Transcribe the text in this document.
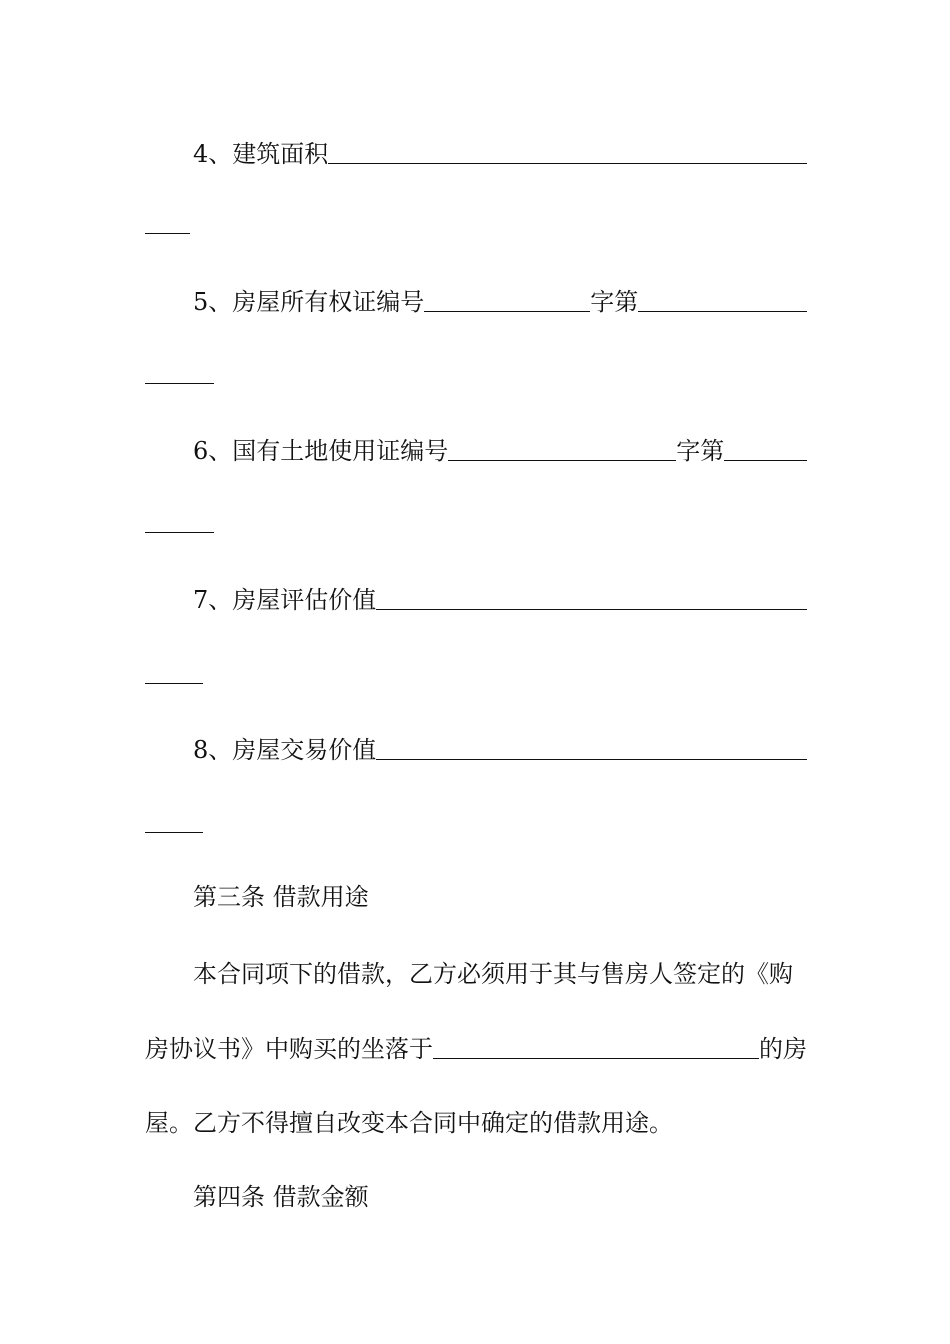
4、建筑面积
5、房屋所有权证编号	字第
6、国有土地使用证编号	字第
7、房屋评估价值
8、房屋交易价值
第三条 借款用途
本合同项下的借款，乙方必须用于其与售房人签定的《购
房协议书》中购买的坐落于	的房
屋。乙方不得擅自改变本合同中确定的借款用途。
第四条 借款金额
